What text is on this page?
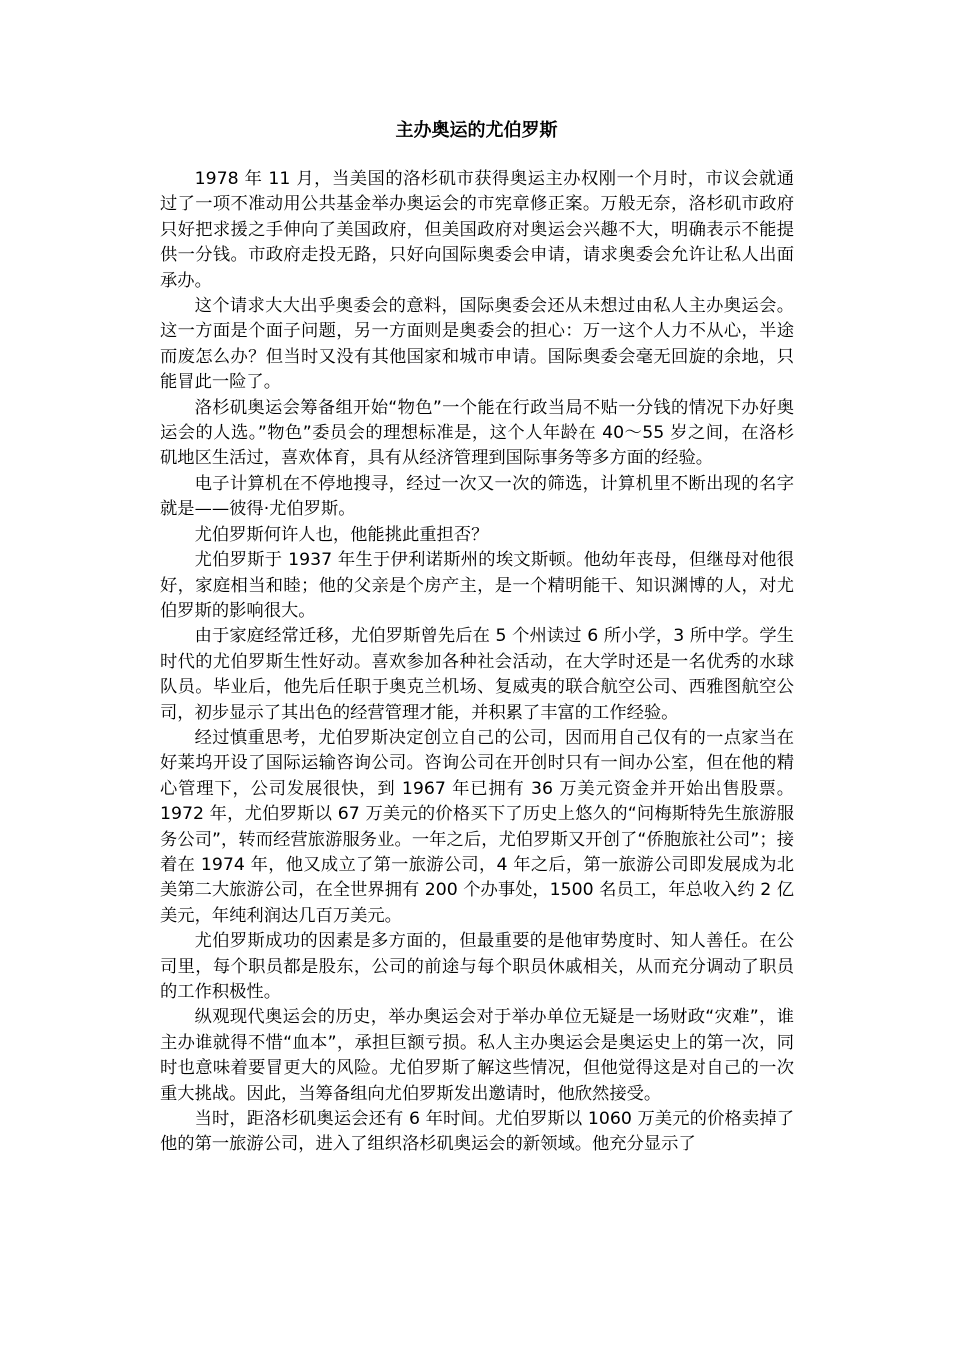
主办奥运的尤伯罗斯

1978 年 11 月，当美国的洛杉矶市获得奥运主办权刚一个月时，市议会就通过了一项不准动用公共基金举办奥运会的市宪章修正案。万般无奈，洛杉矶市政府只好把求援之手伸向了美国政府，但美国政府对奥运会兴趣不大，明确表示不能提供一分钱。市政府走投无路，只好向国际奥委会申请，请求奥委会允许让私人出面承办。

这个请求大大出乎奥委会的意料，国际奥委会还从未想过由私人主办奥运会。这一方面是个面子问题，另一方面则是奥委会的担心：万一这个人力不从心，半途而废怎么办？但当时又没有其他国家和城市申请。国际奥委会毫无回旋的余地，只能冒此一险了。

洛杉矶奥运会筹备组开始“物色”一个能在行政当局不贴一分钱的情况下办好奥运会的人选。”物色”委员会的理想标准是，这个人年龄在 40～55 岁之间，在洛杉矶地区生活过，喜欢体育，具有从经济管理到国际事务等多方面的经验。

电子计算机在不停地搜寻，经过一次又一次的筛选，计算机里不断出现的名字就是——彼得·尤伯罗斯。

尤伯罗斯何许人也，他能挑此重担否？

尤伯罗斯于 1937 年生于伊利诺斯州的埃文斯顿。他幼年丧母，但继母对他很好，家庭相当和睦；他的父亲是个房产主，是一个精明能干、知识渊博的人，对尤伯罗斯的影响很大。

由于家庭经常迁移，尤伯罗斯曾先后在 5 个州读过 6 所小学，3 所中学。学生时代的尤伯罗斯生性好动。喜欢参加各种社会活动，在大学时还是一名优秀的水球队员。毕业后，他先后任职于奥克兰机场、复威夷的联合航空公司、西雅图航空公司，初步显示了其出色的经营管理才能，并积累了丰富的工作经验。

经过慎重思考，尤伯罗斯决定创立自己的公司，因而用自己仅有的一点家当在好莱坞开设了国际运输咨询公司。咨询公司在开创时只有一间办公室，但在他的精心管理下，公司发展很快，到 1967 年已拥有 36 万美元资金并开始出售股票。1972 年，尤伯罗斯以 67 万美元的价格买下了历史上悠久的“问梅斯特先生旅游服务公司”，转而经营旅游服务业。一年之后，尤伯罗斯又开创了“侨胞旅社公司”；接着在 1974 年，他又成立了第一旅游公司，4 年之后，第一旅游公司即发展成为北美第二大旅游公司，在全世界拥有 200 个办事处，1500 名员工，年总收入约 2 亿美元，年纯利润达几百万美元。

尤伯罗斯成功的因素是多方面的，但最重要的是他审势度时、知人善任。在公司里，每个职员都是股东，公司的前途与每个职员休戚相关，从而充分调动了职员的工作积极性。

纵观现代奥运会的历史，举办奥运会对于举办单位无疑是一场财政“灾难”，谁主办谁就得不惜“血本”，承担巨额亏损。私人主办奥运会是奥运史上的第一次，同时也意味着要冒更大的风险。尤伯罗斯了解这些情况，但他觉得这是对自己的一次重大挑战。因此，当筹备组向尤伯罗斯发出邀请时，他欣然接受。

当时，距洛杉矶奥运会还有 6 年时间。尤伯罗斯以 1060 万美元的价格卖掉了他的第一旅游公司，进入了组织洛杉矶奥运会的新领域。他充分显示了
